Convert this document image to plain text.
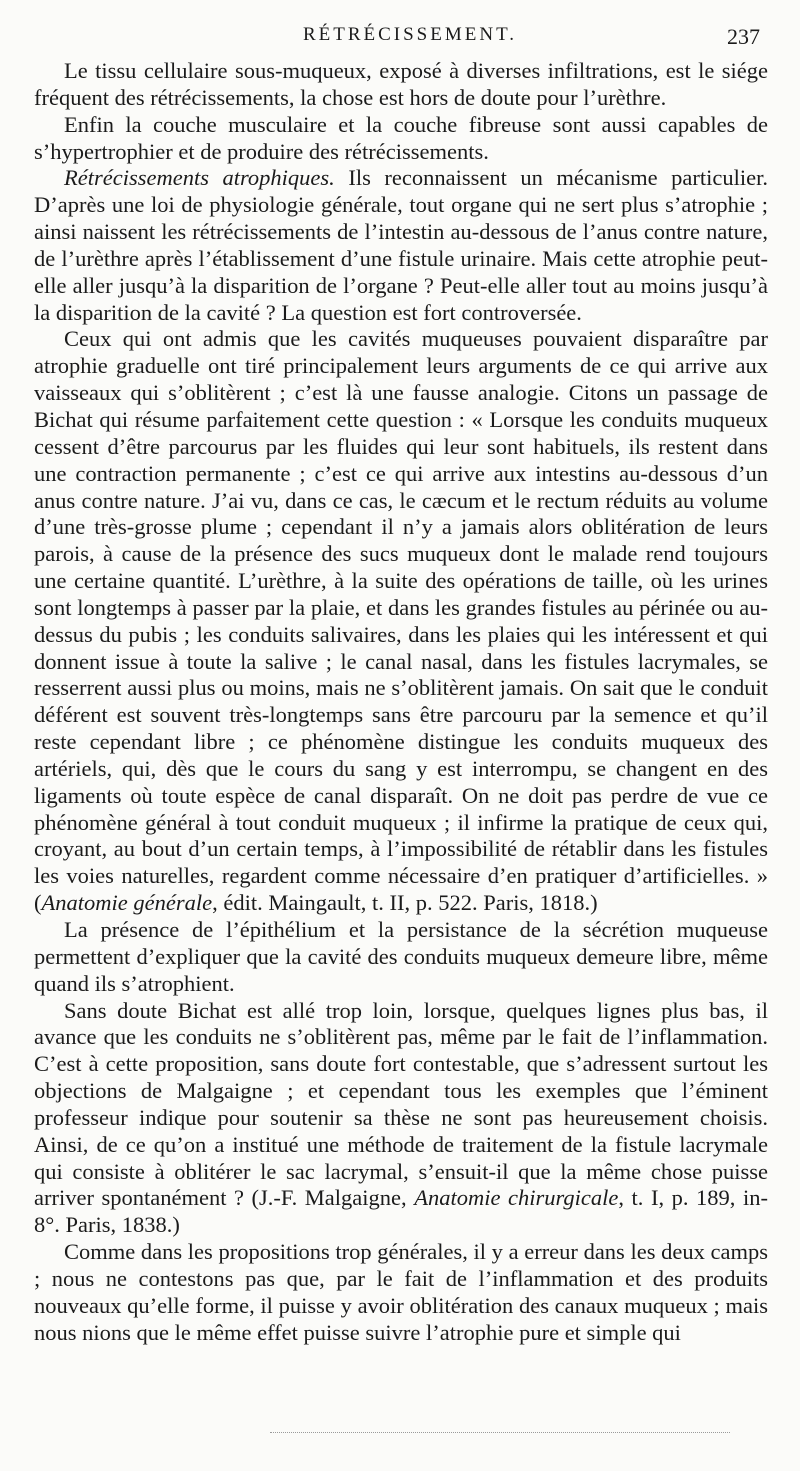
RÉTRÉCISSEMENT.	237

Le tissu cellulaire sous-muqueux, exposé à diverses infiltrations, est le siége fréquent des rétrécissements, la chose est hors de doute pour l’urèthre.

Enfin la couche musculaire et la couche fibreuse sont aussi capables de s’hypertrophier et de produire des rétrécissements.

Rétrécissements atrophiques. Ils reconnaissent un mécanisme particulier. D’après une loi de physiologie générale, tout organe qui ne sert plus s’atrophie ; ainsi naissent les rétrécissements de l’intestin au-dessous de l’anus contre nature, de l’urèthre après l’établissement d’une fistule urinaire. Mais cette atrophie peut-elle aller jusqu’à la disparition de l’organe ? Peut-elle aller tout au moins jusqu’à la disparition de la cavité ? La question est fort controversée.

Ceux qui ont admis que les cavités muqueuses pouvaient disparaître par atrophie graduelle ont tiré principalement leurs arguments de ce qui arrive aux vaisseaux qui s’oblitèrent ; c’est là une fausse analogie. Citons un passage de Bichat qui résume parfaitement cette question : « Lorsque les conduits muqueux cessent d’être parcourus par les fluides qui leur sont habituels, ils restent dans une contraction permanente ; c’est ce qui arrive aux intestins au-dessous d’un anus contre nature. J’ai vu, dans ce cas, le cæcum et le rectum réduits au volume d’une très-grosse plume ; cependant il n’y a jamais alors oblitération de leurs parois, à cause de la présence des sucs muqueux dont le malade rend toujours une certaine quantité. L’urèthre, à la suite des opérations de taille, où les urines sont longtemps à passer par la plaie, et dans les grandes fistules au périnée ou au-dessus du pubis ; les conduits salivaires, dans les plaies qui les intéressent et qui donnent issue à toute la salive ; le canal nasal, dans les fistules lacrymales, se resserrent aussi plus ou moins, mais ne s’oblitèrent jamais. On sait que le conduit déférent est souvent très-longtemps sans être parcouru par la semence et qu’il reste cependant libre ; ce phénomène distingue les conduits muqueux des artériels, qui, dès que le cours du sang y est interrompu, se changent en des ligaments où toute espèce de canal disparaît. On ne doit pas perdre de vue ce phénomène général à tout conduit muqueux ; il infirme la pratique de ceux qui, croyant, au bout d’un certain temps, à l’impossibilité de rétablir dans les fistules les voies naturelles, regardent comme nécessaire d’en pratiquer d’artificielles. » (Anatomie générale, édit. Maingault, t. II, p. 522. Paris, 1818.)

La présence de l’épithélium et la persistance de la sécrétion muqueuse permettent d’expliquer que la cavité des conduits muqueux demeure libre, même quand ils s’atrophient.

Sans doute Bichat est allé trop loin, lorsque, quelques lignes plus bas, il avance que les conduits ne s’oblitèrent pas, même par le fait de l’inflammation. C’est à cette proposition, sans doute fort contestable, que s’adressent surtout les objections de Malgaigne ; et cependant tous les exemples que l’éminent professeur indique pour soutenir sa thèse ne sont pas heureusement choisis. Ainsi, de ce qu’on a institué une méthode de traitement de la fistule lacrymale qui consiste à oblitérer le sac lacrymal, s’ensuit-il que la même chose puisse arriver spontanément ? (J.-F. Malgaigne, Anatomie chirurgicale, t. I, p. 189, in-8°. Paris, 1838.)

Comme dans les propositions trop générales, il y a erreur dans les deux camps ; nous ne contestons pas que, par le fait de l’inflammation et des produits nouveaux qu’elle forme, il puisse y avoir oblitération des canaux muqueux ; mais nous nions que le même effet puisse suivre l’atrophie pure et simple qui
